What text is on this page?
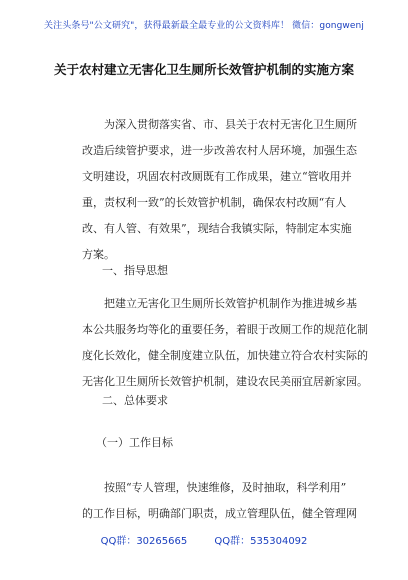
关注头条号"公文研究"，获得最新最全最专业的公文资料库！ 微信：gongwenj
关于农村建立无害化卫生厕所长效管护机制的实施方案
为深入贯彻落实省、市、县关于农村无害化卫生厕所
改造后续管护要求，进一步改善农村人居环境，加强生态
文明建设，巩固农村改厕既有工作成果，建立“管收用并
重，责权利一致”的长效管护机制，确保农村改厕“有人
改、有人管、有效果”，现结合我镇实际，特制定本实施
方案。
一、指导思想
把建立无害化卫生厕所长效管护机制作为推进城乡基
本公共服务均等化的重要任务，着眼于改厕工作的规范化制
度化长效化，健全制度建立队伍，加快建立符合农村实际的
无害化卫生厕所长效管护机制，建设农民美丽宜居新家园。
二、总体要求
（一）工作目标
按照“专人管理，快速维修，及时抽取，科学利用”
的工作目标，明确部门职责，成立管理队伍，健全管理网
QQ群：30265665	QQ群：535304092
